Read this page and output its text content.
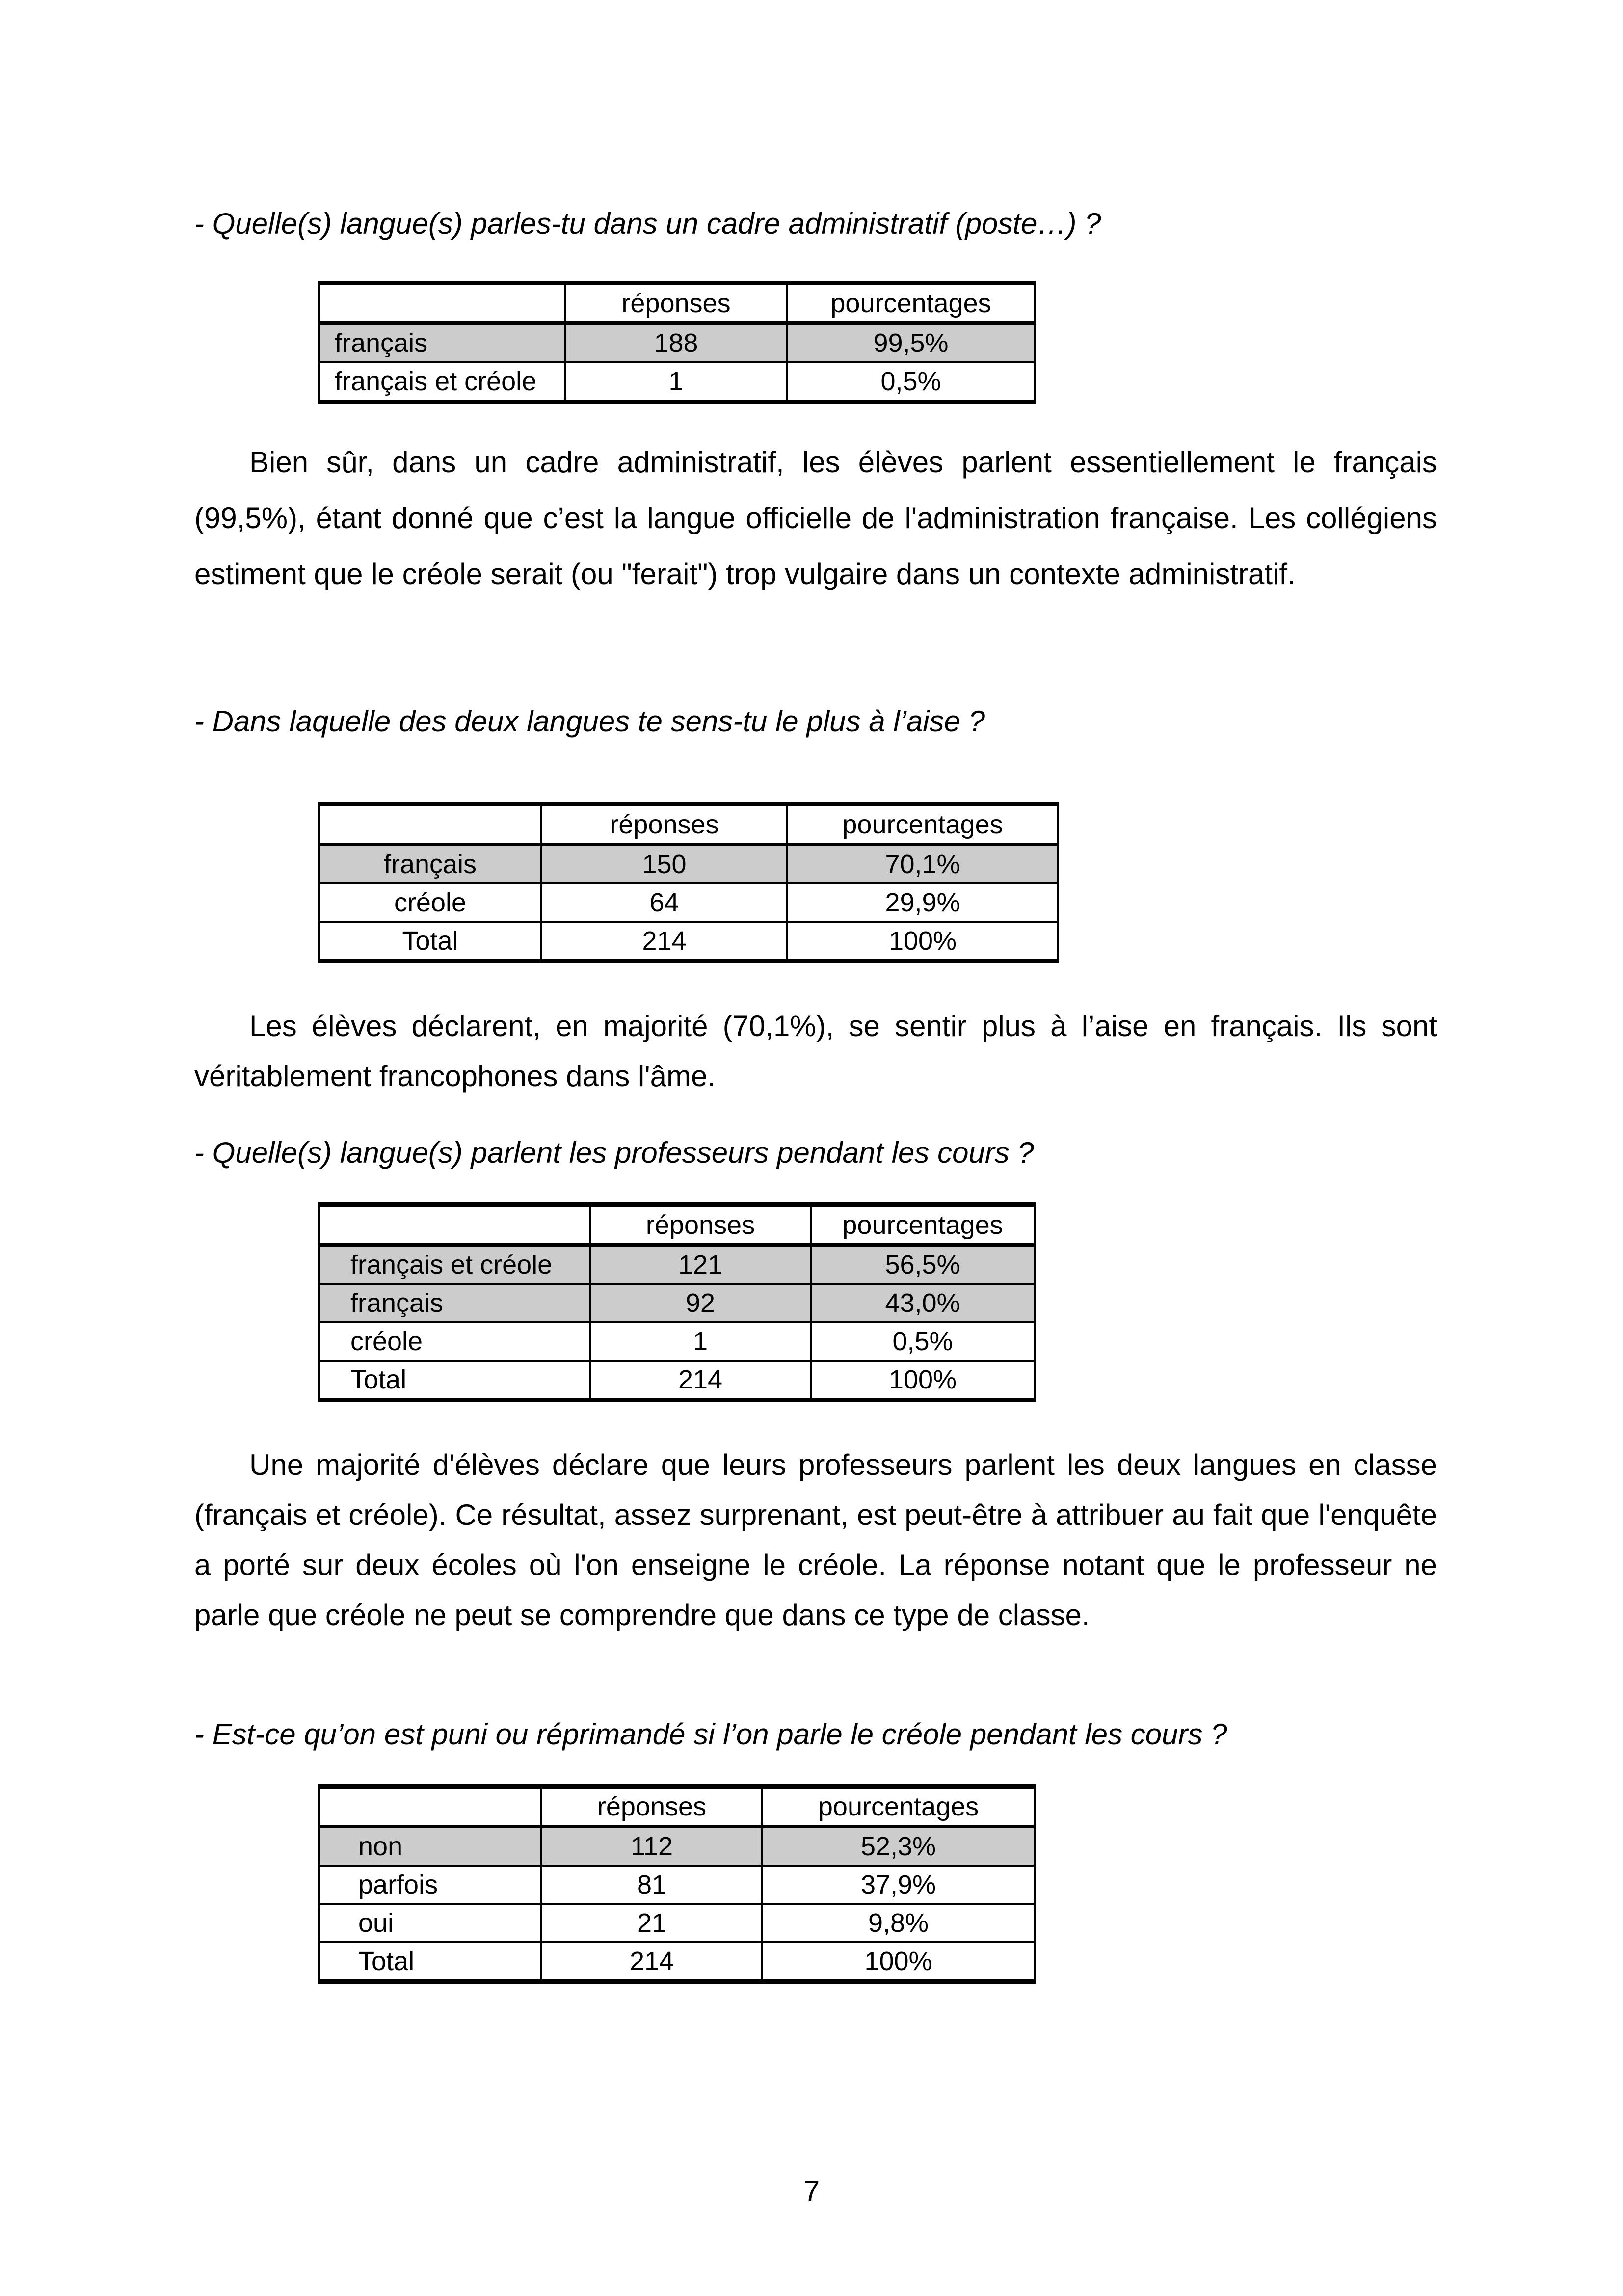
- Quelle(s) langue(s) parles-tu dans un cadre administratif (poste…) ?
	réponses	pourcentages
français	188	99,5%
français et créole	1	0,5%

Bien sûr, dans un cadre administratif, les élèves parlent essentiellement le français (99,5%), étant donné que c’est la langue officielle de l'administration française. Les collégiens estiment que le créole serait (ou "ferait") trop vulgaire dans un contexte administratif.

- Dans laquelle des deux langues te sens-tu le plus à l’aise ?
	réponses	pourcentages
français	150	70,1%
créole	64	29,9%
Total	214	100%

Les élèves déclarent, en majorité (70,1%), se sentir plus à l’aise en français. Ils sont véritablement francophones dans l'âme.

- Quelle(s) langue(s) parlent les professeurs pendant les cours ?
	réponses	pourcentages
français et créole	121	56,5%
français	92	43,0%
créole	1	0,5%
Total	214	100%

Une majorité d'élèves déclare que leurs professeurs parlent les deux langues en classe (français et créole). Ce résultat, assez surprenant, est peut-être à attribuer au fait que l'enquête a porté sur deux écoles où l'on enseigne le créole. La réponse notant que le professeur ne parle que créole ne peut se comprendre que dans ce type de classe.

- Est-ce qu’on est puni ou réprimandé si l’on parle le créole pendant les cours ?
	réponses	pourcentages
non	112	52,3%
parfois	81	37,9%
oui	21	9,8%
Total	214	100%
7
